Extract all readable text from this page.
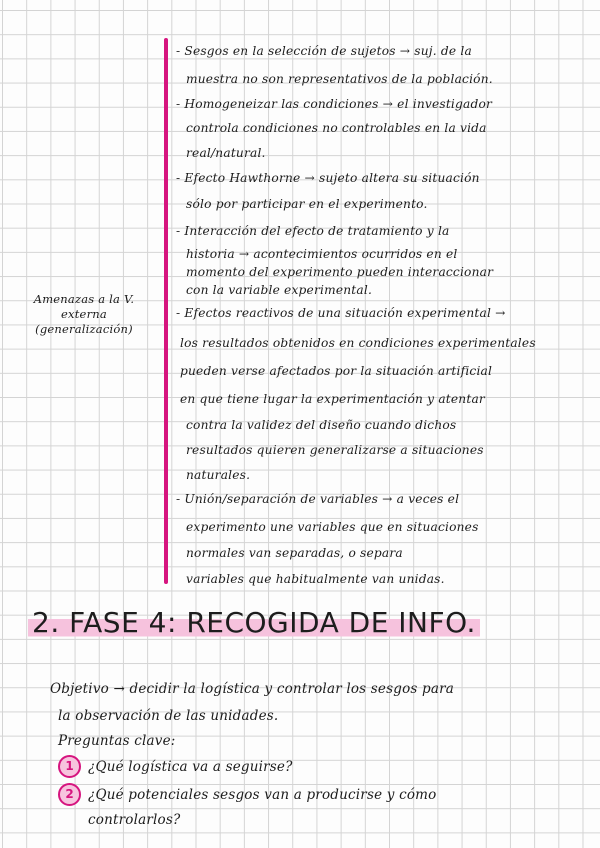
Amenazas a la V. externa (generalización)
- Sesgos en la selección de sujetos → suj. de la
muestra no son representativos de la población.
- Homogeneizar las condiciones → el investigador
controla condiciones no controlables en la vida
real/natural.
- Efecto Hawthorne → sujeto altera su situación
sólo por participar en el experimento.
- Interacción del efecto de tratamiento y la
historia → acontecimientos ocurridos en el
momento del experimento pueden interaccionar
con la variable experimental.
- Efectos reactivos de una situación experimental →
los resultados obtenidos en condiciones experimentales
pueden verse afectados por la situación artificial
en que tiene lugar la experimentación y atentar
contra la validez del diseño cuando dichos
resultados quieren generalizarse a situaciones
naturales.
- Unión/separación de variables → a veces el
experimento une variables que en situaciones
normales van separadas, o separa
variables que habitualmente van unidas.
2. FASE 4: RECOGIDA DE INFO.
Objetivo → decidir la logística y controlar los sesgos para
la observación de las unidades.
Preguntas clave:
1	¿Qué logística va a seguirse?
2	¿Qué potenciales sesgos van a producirse y cómo
controlarlos?
